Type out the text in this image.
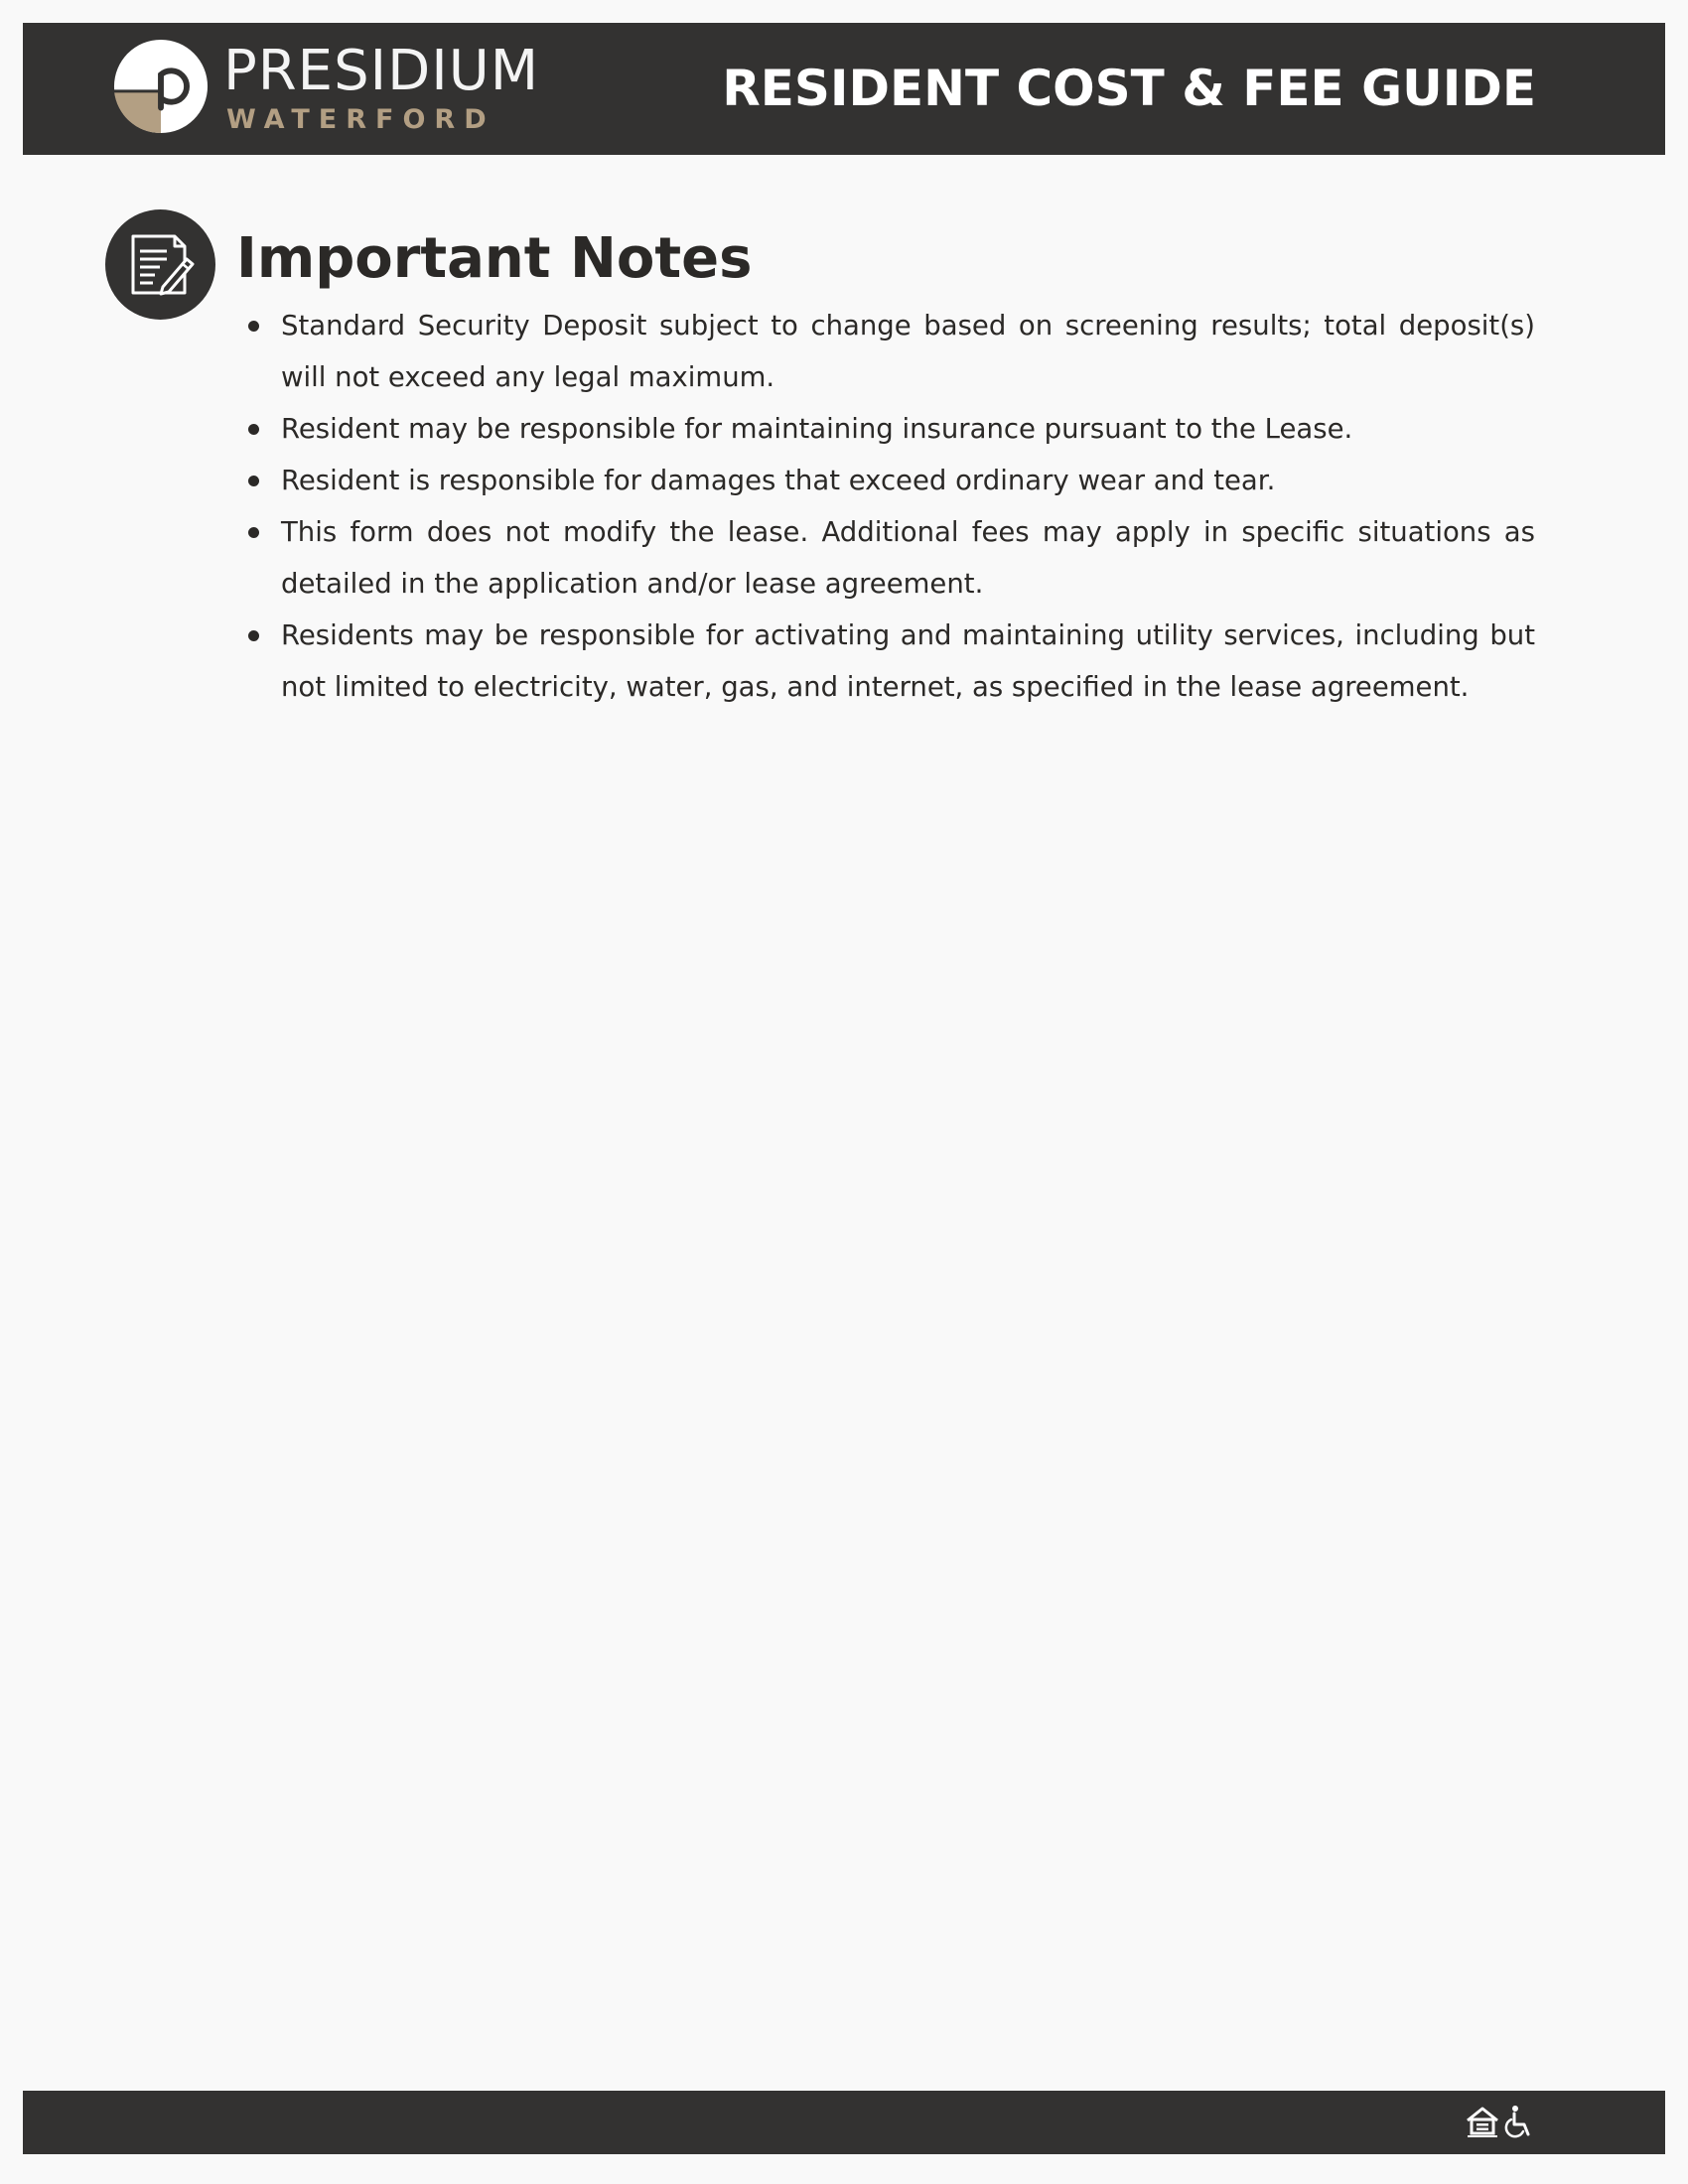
PRESIDIUM
WATERFORD
RESIDENT COST & FEE GUIDE
Important Notes
Standard Security Deposit subject to change based on screening results; total deposit(s) will not exceed any legal maximum.
Resident may be responsible for maintaining insurance pursuant to the Lease.
Resident is responsible for damages that exceed ordinary wear and tear.
This form does not modify the lease. Additional fees may apply in specific situations as detailed in the application and/or lease agreement.
Residents may be responsible for activating and maintaining utility services, including but not limited to electricity, water, gas, and internet, as specified in the lease agreement.
